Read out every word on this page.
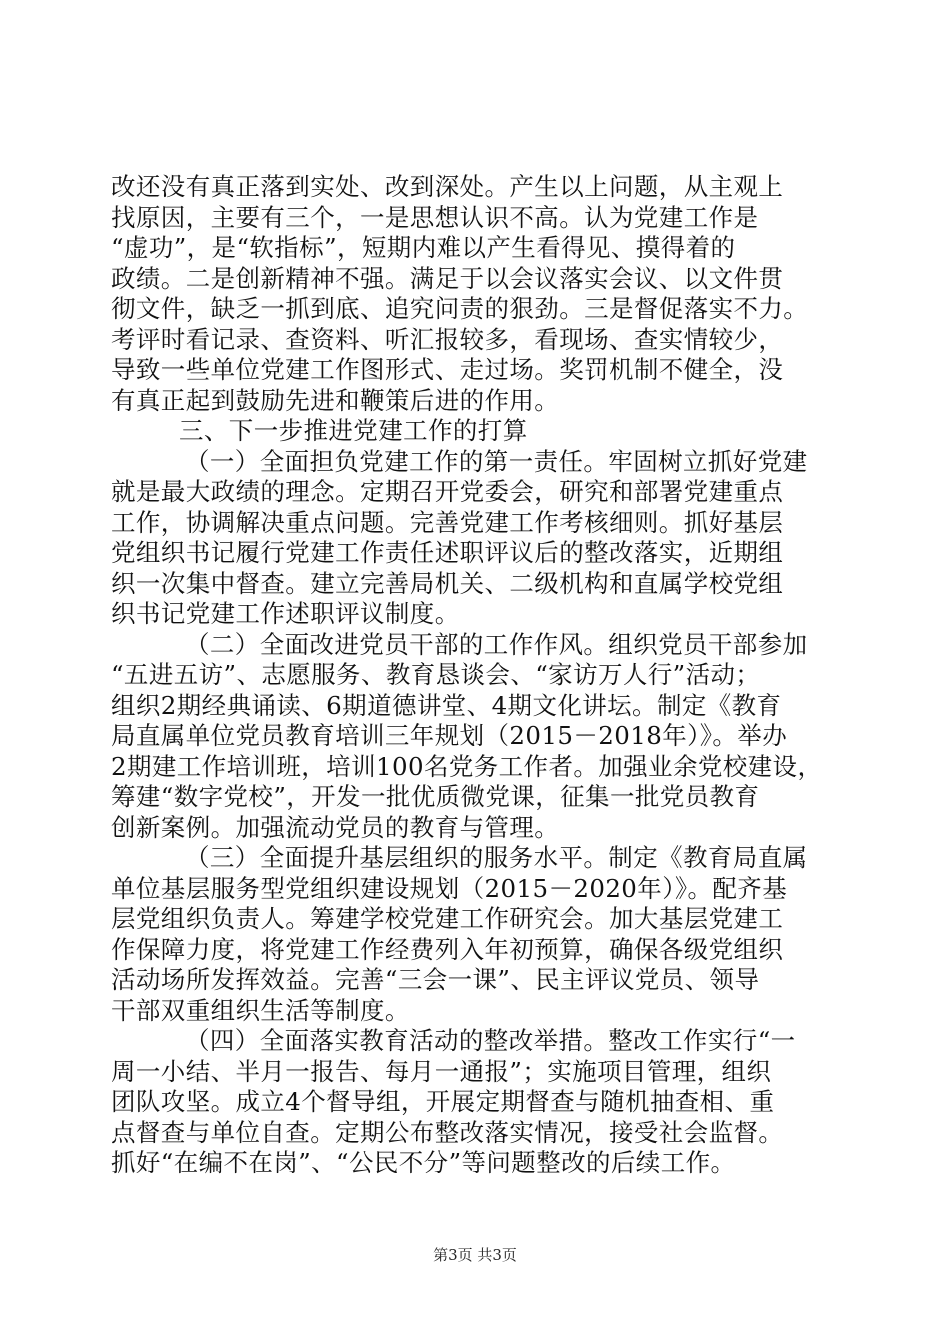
改还没有真正落到实处、改到深处。产生以上问题，从主观上
找原因，主要有三个，一是思想认识不高。认为党建工作是
“虚功”，是“软指标”，短期内难以产生看得见、摸得着的
政绩。二是创新精神不强。满足于以会议落实会议、以文件贯
彻文件，缺乏一抓到底、追究问责的狠劲。三是督促落实不力。
考评时看记录、查资料、听汇报较多，看现场、查实情较少，
导致一些单位党建工作图形式、走过场。奖罚机制不健全，没
有真正起到鼓励先进和鞭策后进的作用。
三、下一步推进党建工作的打算
（一）全面担负党建工作的第一责任。牢固树立抓好党建
就是最大政绩的理念。定期召开党委会，研究和部署党建重点
工作，协调解决重点问题。完善党建工作考核细则。抓好基层
党组织书记履行党建工作责任述职评议后的整改落实，近期组
织一次集中督查。建立完善局机关、二级机构和直属学校党组
织书记党建工作述职评议制度。
（二）全面改进党员干部的工作作风。组织党员干部参加
“五进五访”、志愿服务、教育恳谈会、“家访万人行”活动；
组织2期经典诵读、6期道德讲堂、4期文化讲坛。制定《教育
局直属单位党员教育培训三年规划（2015－2018年）》。举办
2期建工作培训班，培训100名党务工作者。加强业余党校建设，
筹建“数字党校”，开发一批优质微党课，征集一批党员教育
创新案例。加强流动党员的教育与管理。
（三）全面提升基层组织的服务水平。制定《教育局直属
单位基层服务型党组织建设规划（2015－2020年）》。配齐基
层党组织负责人。筹建学校党建工作研究会。加大基层党建工
作保障力度，将党建工作经费列入年初预算，确保各级党组织
活动场所发挥效益。完善“三会一课”、民主评议党员、领导
干部双重组织生活等制度。
（四）全面落实教育活动的整改举措。整改工作实行“一
周一小结、半月一报告、每月一通报”；实施项目管理，组织
团队攻坚。成立4个督导组，开展定期督查与随机抽查相、重
点督查与单位自查。定期公布整改落实情况，接受社会监督。
抓好“在编不在岗”、“公民不分”等问题整改的后续工作。
第3页 共3页
